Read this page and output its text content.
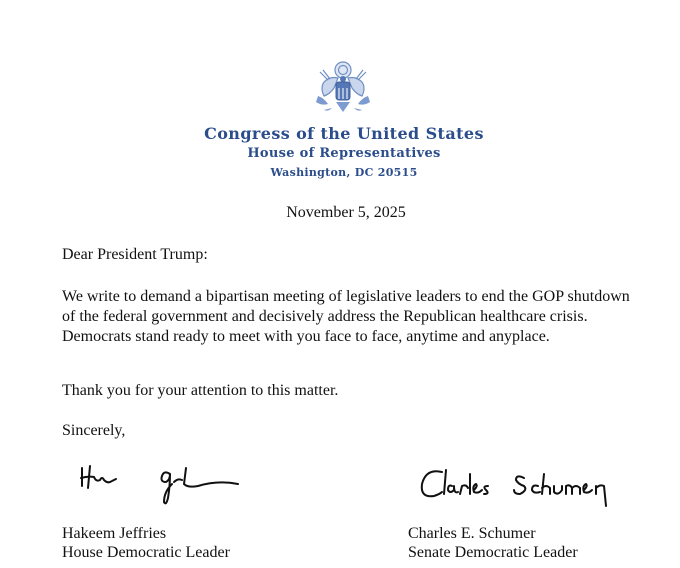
Congress of the United States
House of Representatives
Washington, DC 20515
November 5, 2025
Dear President Trump:
We write to demand a bipartisan meeting of legislative leaders to end the GOP shutdown of the federal government and decisively address the Republican healthcare crisis. Democrats stand ready to meet with you face to face, anytime and anyplace.
Thank you for your attention to this matter.
Sincerely,
Hakeem Jeffries
House Democratic Leader
Charles E. Schumer
Senate Democratic Leader
